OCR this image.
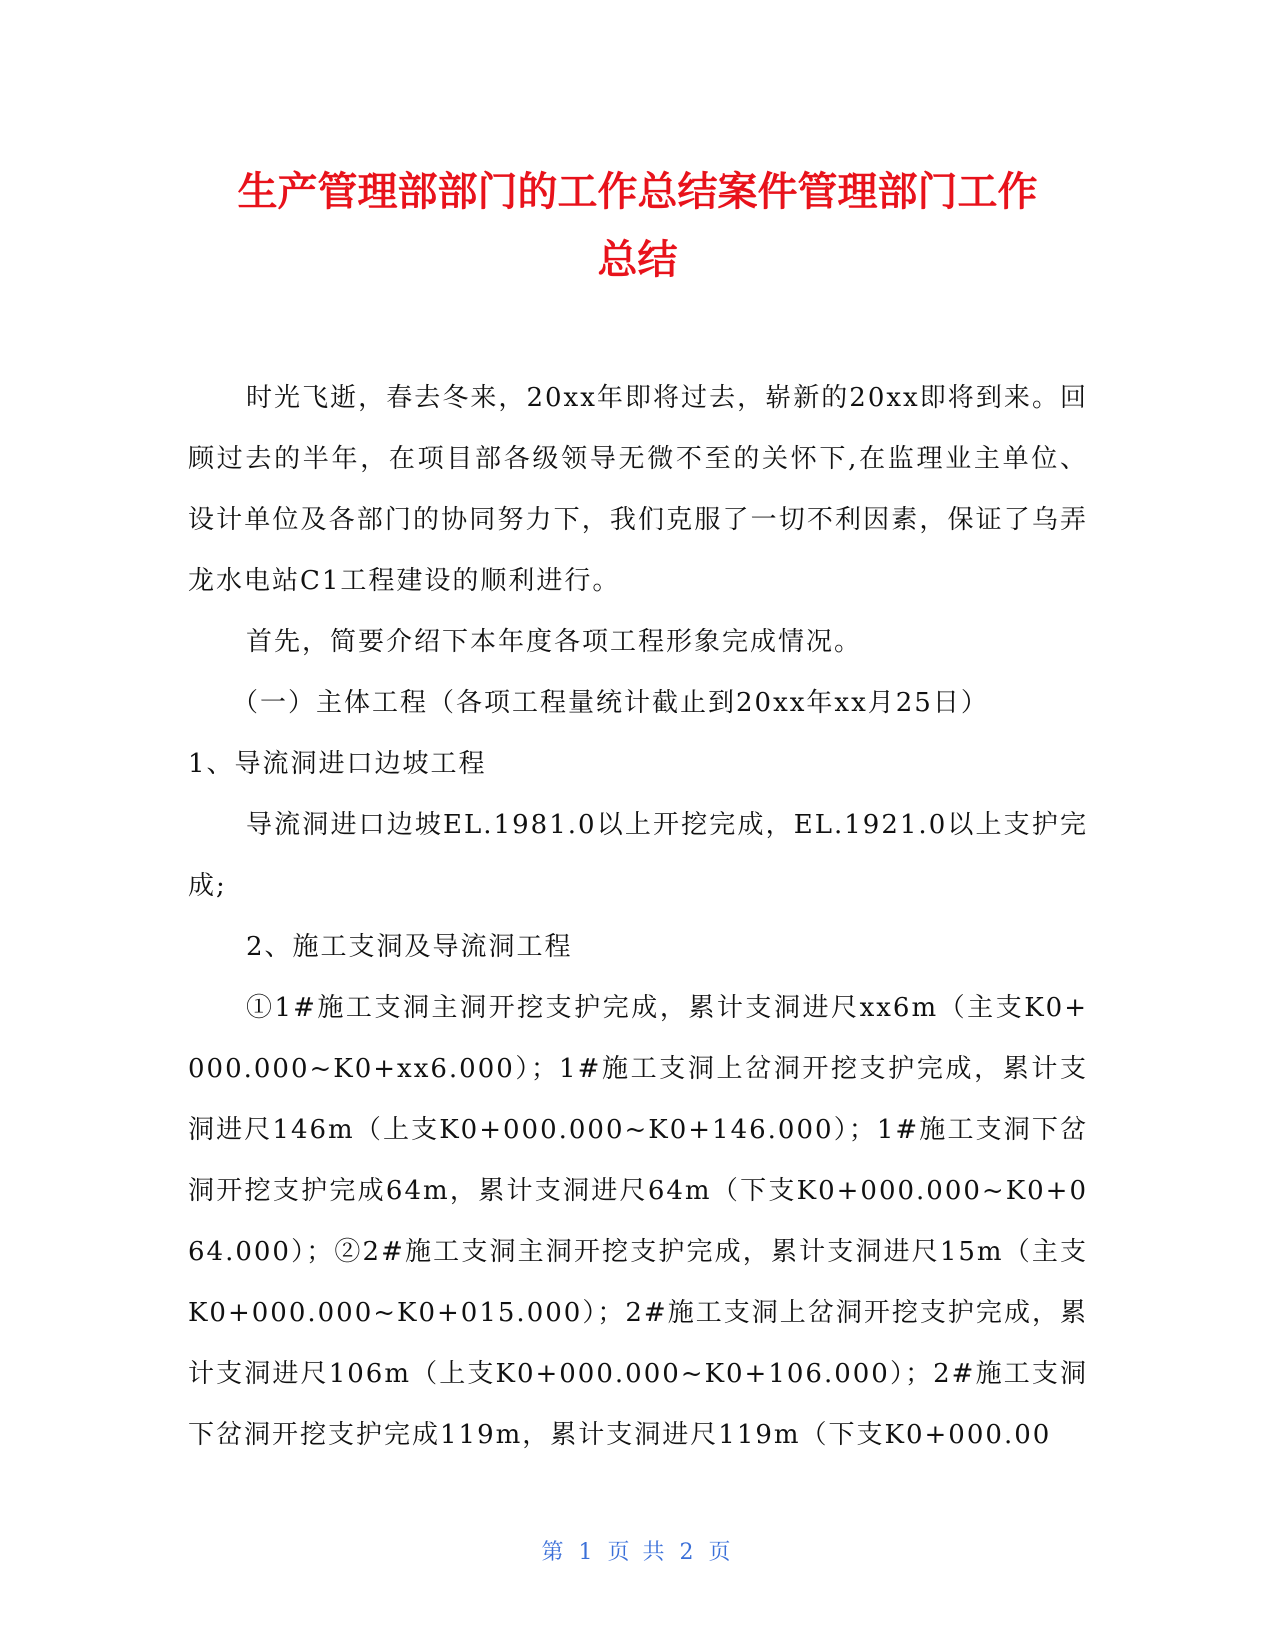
生产管理部部门的工作总结案件管理部门工作
总结

时光飞逝，春去冬来，20xx年即将过去，崭新的20xx即将到来。回顾过去的半年，在项目部各级领导无微不至的关怀下,在监理业主单位、设计单位及各部门的协同努力下，我们克服了一切不利因素，保证了乌弄龙水电站C1工程建设的顺利进行。

首先，简要介绍下本年度各项工程形象完成情况。

（一）主体工程（各项工程量统计截止到20xx年xx月25日）

1、导流洞进口边坡工程

导流洞进口边坡EL.1981.0以上开挖完成，EL.1921.0以上支护完成;

2、施工支洞及导流洞工程

①1#施工支洞主洞开挖支护完成，累计支洞进尺xx6m（主支K0+000.000~K0+xx6.000）；1#施工支洞上岔洞开挖支护完成，累计支洞进尺146m（上支K0+000.000~K0+146.000）；1#施工支洞下岔洞开挖支护完成64m，累计支洞进尺64m（下支K0+000.000~K0+064.000）；②2#施工支洞主洞开挖支护完成，累计支洞进尺15m（主支K0+000.000~K0+015.000）；2#施工支洞上岔洞开挖支护完成，累计支洞进尺106m（上支K0+000.000~K0+106.000）；2#施工支洞下岔洞开挖支护完成119m，累计支洞进尺119m（下支K0+000.00

第 1 页 共 2 页
